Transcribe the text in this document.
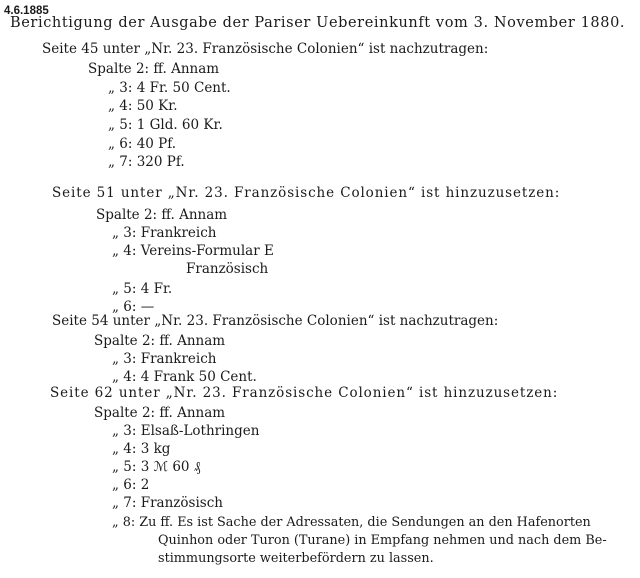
4.6.1885
Berichtigung der Ausgabe der Pariser Uebereinkunft vom 3. November 1880.
Seite 45 unter „Nr. 23. Französische Colonien“ ist nachzutragen:
Spalte 2: ff. Annam
„ 3: 4 Fr. 50 Cent.
„ 4: 50 Kr.
„ 5: 1 Gld. 60 Kr.
„ 6: 40 Pf.
„ 7: 320 Pf.
Seite 51 unter „Nr. 23. Französische Colonien“ ist hinzuzusetzen:
Spalte 2: ff. Annam
„ 3: Frankreich
„ 4: Vereins-Formular E
Französisch
„ 5: 4 Fr.
„ 6: —
Seite 54 unter „Nr. 23. Französische Colonien“ ist nachzutragen:
Spalte 2: ff. Annam
„ 3: Frankreich
„ 4: 4 Frank 50 Cent.
Seite 62 unter „Nr. 23. Französische Colonien“ ist hinzuzusetzen:
Spalte 2: ff. Annam
„ 3: Elsaß-Lothringen
„ 4: 3 kg
„ 5: 3 ℳ 60 ₰
„ 6: 2
„ 7: Französisch
„ 8: Zu ff. Es ist Sache der Adressaten, die Sendungen an den Hafenorten
Quinhon oder Turon (Turane) in Empfang nehmen und nach dem Be-
stimmungsorte weiterbefördern zu lassen.
